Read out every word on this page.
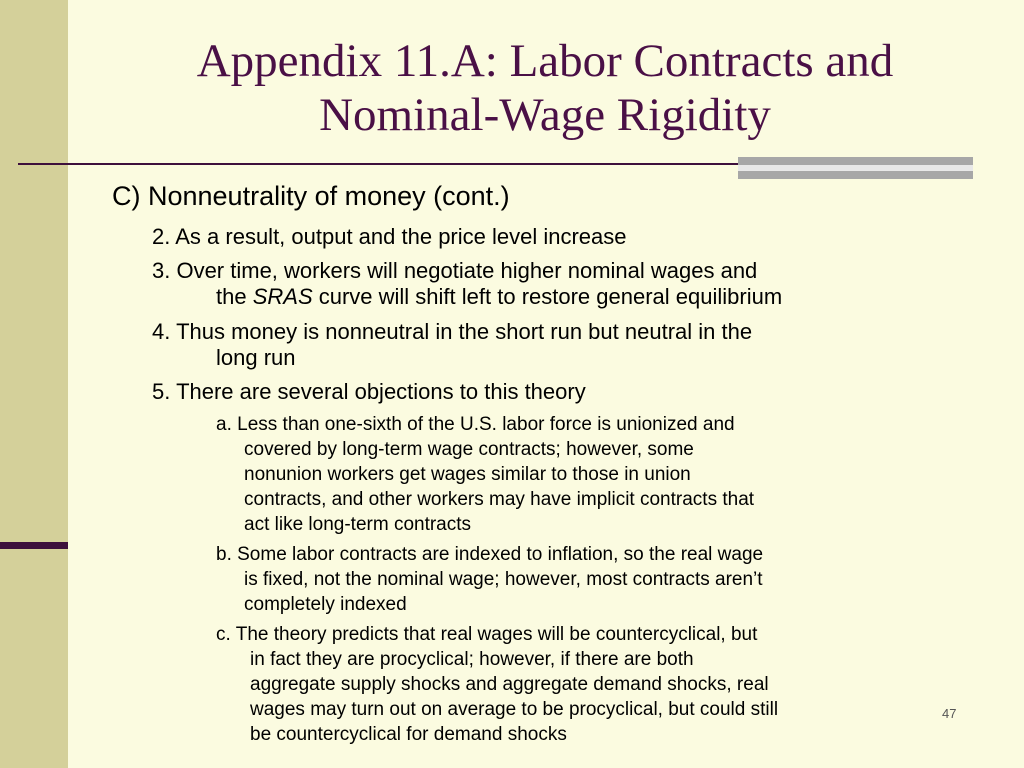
Appendix 11.A: Labor Contracts and
Nominal-Wage Rigidity
C) Nonneutrality of money (cont.)
2. As a result, output and the price level increase
3. Over time, workers will negotiate higher nominal wages and
the SRAS curve will shift left to restore general equilibrium
4. Thus money is nonneutral in the short run but neutral in the
long run
5. There are several objections to this theory
a. Less than one-sixth of the U.S. labor force is unionized and
covered by long-term wage contracts; however, some
nonunion workers get wages similar to those in union
contracts, and other workers may have implicit contracts that
act like long-term contracts
b. Some labor contracts are indexed to inflation, so the real wage
is fixed, not the nominal wage; however, most contracts aren’t
completely indexed
c. The theory predicts that real wages will be countercyclical, but
in fact they are procyclical; however, if there are both
aggregate supply shocks and aggregate demand shocks, real
wages may turn out on average to be procyclical, but could still
be countercyclical for demand shocks
47
